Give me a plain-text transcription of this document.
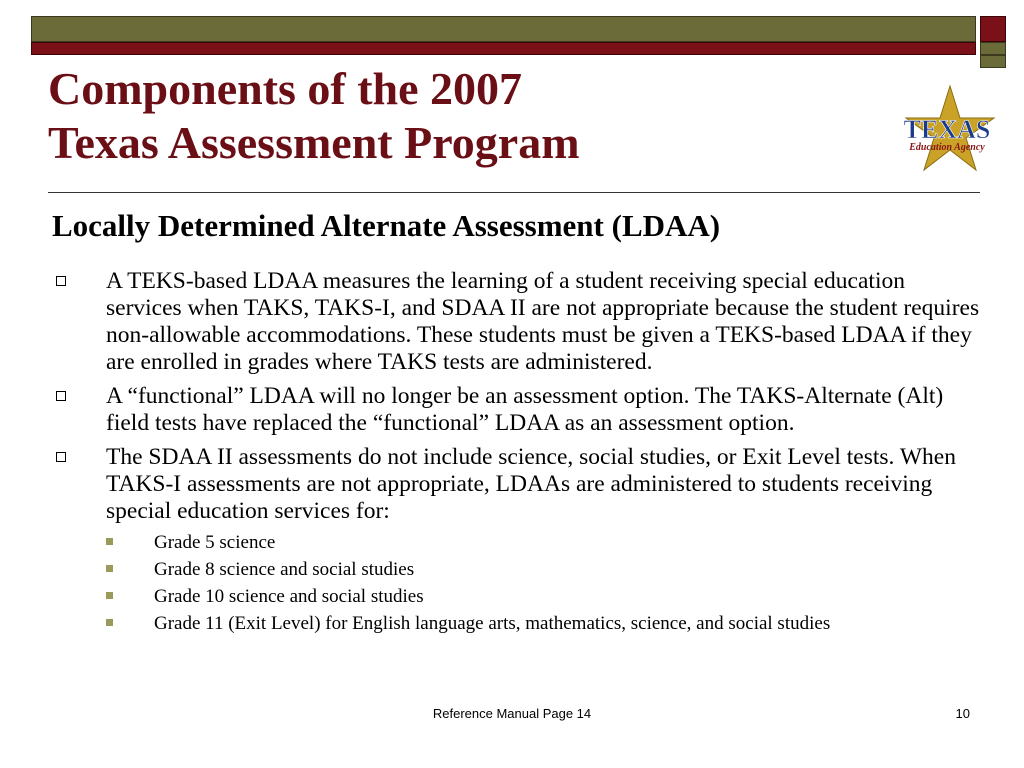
Components of the 2007
Texas Assessment Program	TEXAS
Education Agency
Locally Determined Alternate Assessment (LDAA)
A TEKS-based LDAA measures the learning of a student receiving special education services when TAKS, TAKS-I, and SDAA II are not appropriate because the student requires non-allowable accommodations. These students must be given a TEKS-based LDAA if they are enrolled in grades where TAKS tests are administered.
A “functional” LDAA will no longer be an assessment option. The TAKS-Alternate (Alt) field tests have replaced the “functional” LDAA as an assessment option.
The SDAA II assessments do not include science, social studies, or Exit Level tests. When TAKS-I assessments are not appropriate, LDAAs are administered to students receiving special education services for:
Grade 5 science
Grade 8 science and social studies
Grade 10 science and social studies
Grade 11 (Exit Level) for English language arts, mathematics, science, and social studies
Reference Manual Page 14	10
